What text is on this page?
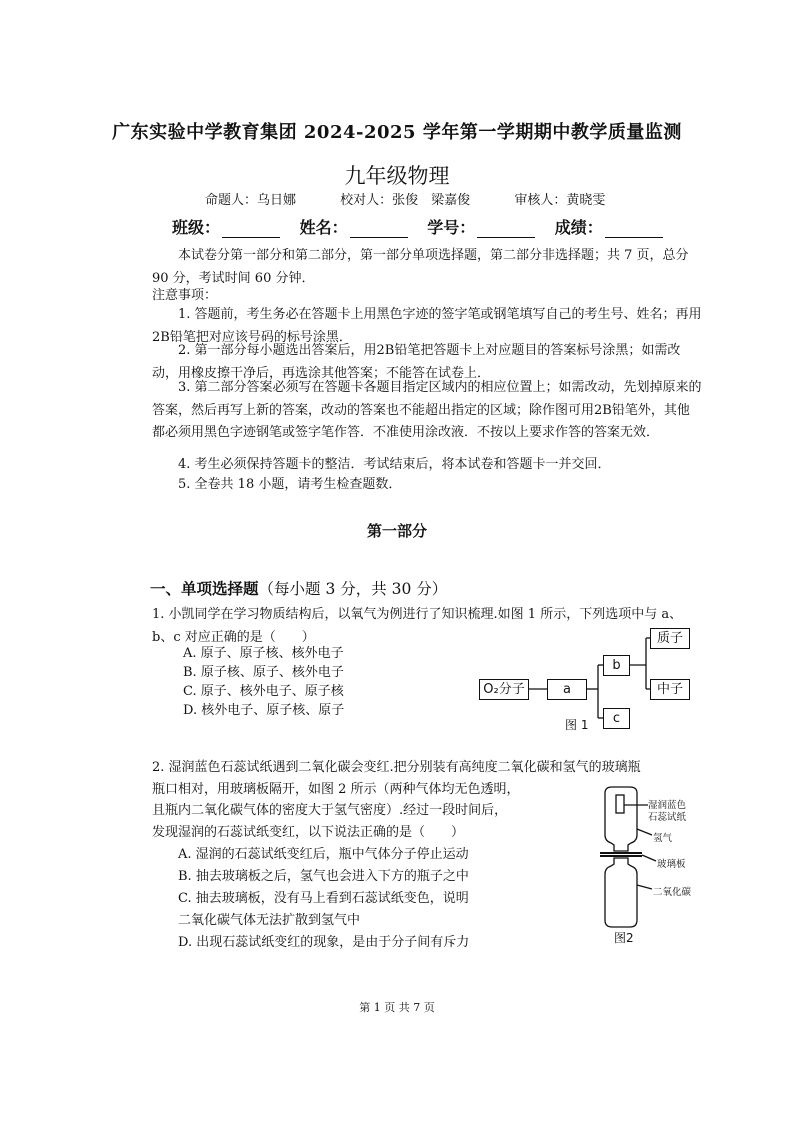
广东实验中学教育集团 2024-2025 学年第一学期期中教学质量监测
九年级物理
命题人：乌日娜	校对人：张俊　梁嘉俊	审核人：黄晓雯
班级：	姓名：	学号：	成绩：
本试卷分第一部分和第二部分，第一部分单项选择题，第二部分非选择题；共 7 页，总分 90 分，考试时间 60 分钟．
注意事项：
1. 答题前，考生务必在答题卡上用黑色字迹的签字笔或钢笔填写自己的考生号、姓名；再用2B铅笔把对应该号码的标号涂黑．
2. 第一部分每小题选出答案后，用2B铅笔把答题卡上对应题目的答案标号涂黑；如需改动，用橡皮擦干净后，再选涂其他答案；不能答在试卷上．
3. 第二部分答案必须写在答题卡各题目指定区域内的相应位置上；如需改动，先划掉原来的答案，然后再写上新的答案，改动的答案也不能超出指定的区域；除作图可用2B铅笔外，其他都必须用黑色字迹钢笔或签字笔作答．不准使用涂改液．不按以上要求作答的答案无效．
4. 考生必须保持答题卡的整洁．考试结束后，将本试卷和答题卡一并交回．
5. 全卷共 18 小题，请考生检查题数．
第一部分
一、单项选择题（每小题 3 分，共 30 分）
1. 小凯同学在学习物质结构后，以氧气为例进行了知识梳理.如图 1 所示，下列选项中与 a、b、c 对应正确的是（　　）
A. 原子、原子核、核外电子
B. 原子核、原子、核外电子
C. 原子、核外电子、原子核
D. 核外电子、原子核、原子
O₂分子	a
b
c
质子
中子
图 1
2. 湿润蓝色石蕊试纸遇到二氧化碳会变红.把分别装有高纯度二氧化碳和氢气的玻璃瓶
瓶口相对，用玻璃板隔开，如图 2 所示（两种气体均无色透明，
且瓶内二氧化碳气体的密度大于氢气密度）.经过一段时间后，
发现湿润的石蕊试纸变红，以下说法正确的是（　　）
A. 湿润的石蕊试纸变红后，瓶中气体分子停止运动
B. 抽去玻璃板之后，氢气也会进入下方的瓶子之中
C. 抽去玻璃板，没有马上看到石蕊试纸变色，说明
二氧化碳气体无法扩散到氢气中
D. 出现石蕊试纸变红的现象，是由于分子间有斥力
湿润蓝色
石蕊试纸
氢气
玻璃板
二氧化碳
图2
第 1 页 共 7 页
